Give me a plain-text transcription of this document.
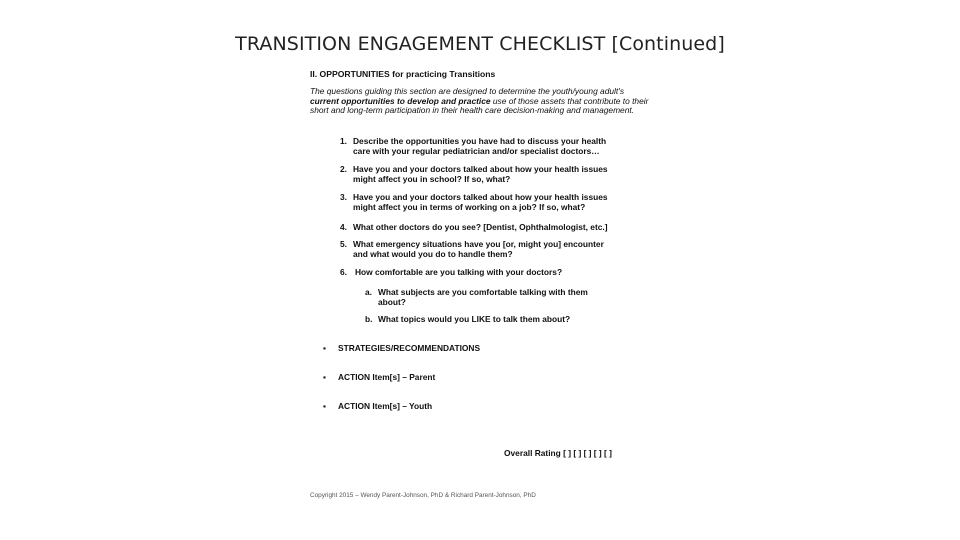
TRANSITION ENGAGEMENT CHECKLIST [Continued]
II. OPPORTUNITIES for practicing Transitions
The questions guiding this section are designed to determine the youth/young adult's current opportunities to develop and practice use of those assets that contribute to their short and long-term participation in their health care decision-making and management.
1. Describe the opportunities you have had to discuss your health
care with your regular pediatrician and/or specialist doctors…
2. Have you and your doctors talked about how your health issues
might affect you in school? If so, what?
3. Have you and your doctors talked about how your health issues
might affect you in terms of working on a job? If so, what?
4. What other doctors do you see? [Dentist, Ophthalmologist, etc.]
5. What emergency situations have you [or, might you] encounter
and what would you do to handle them?
6. How comfortable are you talking with your doctors?
a. What subjects are you comfortable talking with them
about?
b. What topics would you LIKE to talk them about?
▪ STRATEGIES/RECOMMENDATIONS
▪ ACTION Item[s] – Parent
▪ ACTION Item[s] – Youth
Overall Rating [ ] [ ] [ ] [ ] [ ]
Copyright 2015 – Wendy Parent-Johnson, PhD & Richard Parent-Johnson, PhD
